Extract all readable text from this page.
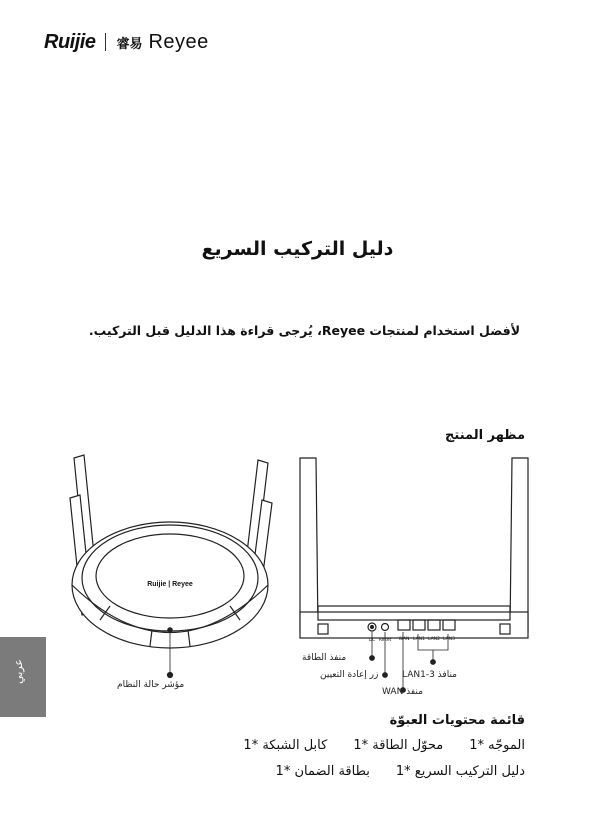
Ruijie 睿易 Reyee
دليل التركيب السريع
لأفضل استخدام لمنتجات Reyee، يُرجى قراءة هذا الدليل قبل التركيب.
مظهر المنتج
Ruijie | Reyee
DC Reset WAN LAN1 LAN2 LAN3
مؤشر حالة النظام
منفذ الطاقة
زر إعادة التعيين	منافذ LAN1-3
منفذ WAN
قائمة محتويات العبوّة
الموجّه *1
محوّل الطاقة *1
كابل الشبكة *1
دليل التركيب السريع *1
بطاقة الضمان *1
عربي
